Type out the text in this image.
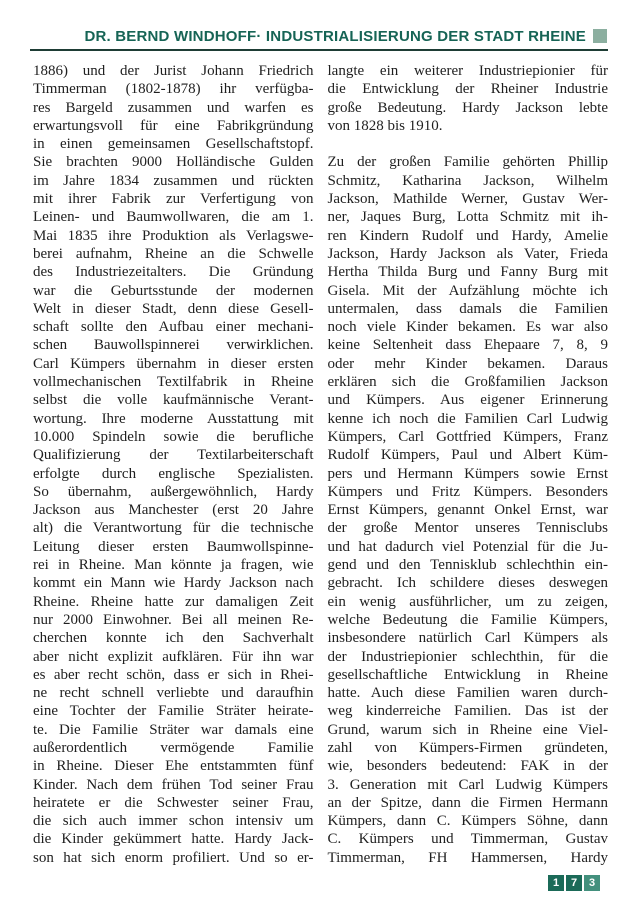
DR. BERND WINDHOFF· INDUSTRIALISIERUNG DER STADT RHEINE
1886) und der Jurist Johann Friedrich
Timmerman (1802-1878) ihr verfügba-
res Bargeld zusammen und warfen es
erwartungsvoll für eine Fabrikgründung
in einen gemeinsamen Gesellschaftstopf.
Sie brachten 9000 Holländische Gulden
im Jahre 1834 zusammen und rückten
mit ihrer Fabrik zur Verfertigung von
Leinen- und Baumwollwaren, die am 1.
Mai 1835 ihre Produktion als Verlagswe-
berei aufnahm, Rheine an die Schwelle
des Industriezeitalters. Die Gründung
war die Geburtsstunde der modernen
Welt in dieser Stadt, denn diese Gesell-
schaft sollte den Aufbau einer mechani-
schen Bauwollspinnerei verwirklichen.
Carl Kümpers übernahm in dieser ersten
vollmechanischen Textilfabrik in Rheine
selbst die volle kaufmännische Verant-
wortung. Ihre moderne Ausstattung mit
10.000 Spindeln sowie die berufliche
Qualifizierung der Textilarbeiterschaft
erfolgte durch englische Spezialisten.
So übernahm, außergewöhnlich, Hardy
Jackson aus Manchester (erst 20 Jahre
alt) die Verantwortung für die technische
Leitung dieser ersten Baumwollspinne-
rei in Rheine. Man könnte ja fragen, wie
kommt ein Mann wie Hardy Jackson nach
Rheine. Rheine hatte zur damaligen Zeit
nur 2000 Einwohner. Bei all meinen Re-
cherchen konnte ich den Sachverhalt
aber nicht explizit aufklären. Für ihn war
es aber recht schön, dass er sich in Rhei-
ne recht schnell verliebte und daraufhin
eine Tochter der Familie Sträter heirate-
te. Die Familie Sträter war damals eine
außerordentlich vermögende Familie
in Rheine. Dieser Ehe entstammten fünf
Kinder. Nach dem frühen Tod seiner Frau
heiratete er die Schwester seiner Frau,
die sich auch immer schon intensiv um
die Kinder gekümmert hatte. Hardy Jack-
son hat sich enorm profiliert. Und so er-
langte ein weiterer Industriepionier für
die Entwicklung der Rheiner Industrie
große Bedeutung. Hardy Jackson lebte
von 1828 bis 1910.
Zu der großen Familie gehörten Phillip
Schmitz, Katharina Jackson, Wilhelm
Jackson, Mathilde Werner, Gustav Wer-
ner, Jaques Burg, Lotta Schmitz mit ih-
ren Kindern Rudolf und Hardy, Amelie
Jackson, Hardy Jackson als Vater, Frieda
Hertha Thilda Burg und Fanny Burg mit
Gisela. Mit der Aufzählung möchte ich
untermalen, dass damals die Familien
noch viele Kinder bekamen. Es war also
keine Seltenheit dass Ehepaare 7, 8, 9
oder mehr Kinder bekamen. Daraus
erklären sich die Großfamilien Jackson
und Kümpers. Aus eigener Erinnerung
kenne ich noch die Familien Carl Ludwig
Kümpers, Carl Gottfried Kümpers, Franz
Rudolf Kümpers, Paul und Albert Küm-
pers und Hermann Kümpers sowie Ernst
Kümpers und Fritz Kümpers. Besonders
Ernst Kümpers, genannt Onkel Ernst, war
der große Mentor unseres Tennisclubs
und hat dadurch viel Potenzial für die Ju-
gend und den Tennisklub schlechthin ein-
gebracht. Ich schildere dieses deswegen
ein wenig ausführlicher, um zu zeigen,
welche Bedeutung die Familie Kümpers,
insbesondere natürlich Carl Kümpers als
der Industriepionier schlechthin, für die
gesellschaftliche Entwicklung in Rheine
hatte. Auch diese Familien waren durch-
weg kinderreiche Familien. Das ist der
Grund, warum sich in Rheine eine Viel-
zahl von Kümpers-Firmen gründeten,
wie, besonders bedeutend: FAK in der
3. Generation mit Carl Ludwig Kümpers
an der Spitze, dann die Firmen Hermann
Kümpers, dann C. Kümpers Söhne, dann
C. Kümpers und Timmerman, Gustav
Timmerman, FH Hammersen, Hardy
1	7	3
